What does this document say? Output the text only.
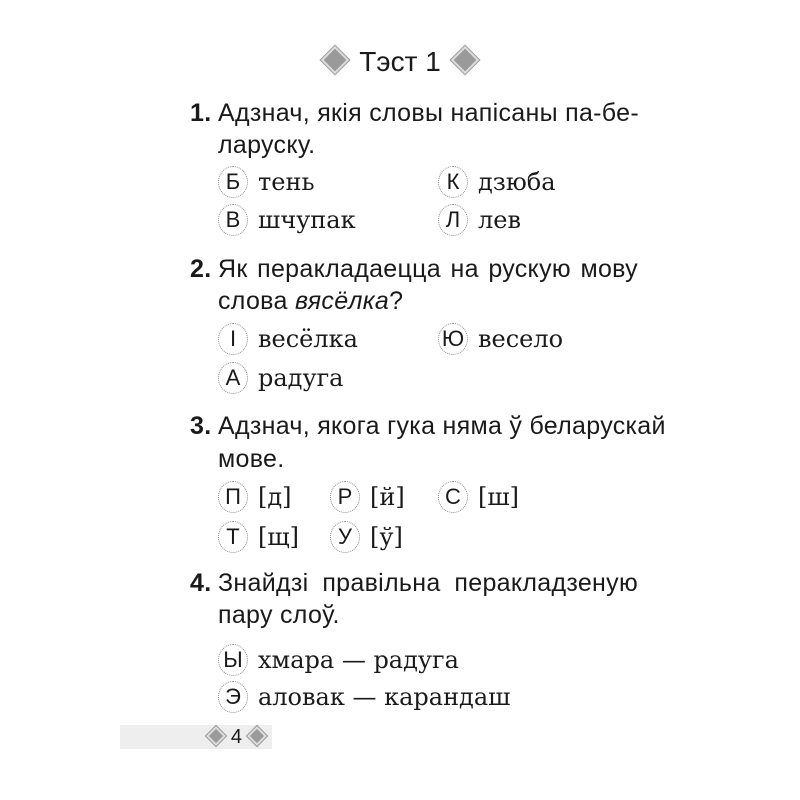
Тэст 1
1. Адзнач, якія словы напісаны па-бе-
ларуску.
Б тень	К дзюба
В шчупак	Л лев
2. Як перакладаецца на рускую мову
слова вясёлка?
І весёлка	Ю весело
А радуга
3. Адзнач, якога гука няма ў беларускай
мове.
П [д]	Р [й]	С [ш]
Т [щ]	У [ў]
4. Знайдзі правільна перакладзеную
пару слоў.
Ы хмара — радуга
Э аловак — карандаш
4
